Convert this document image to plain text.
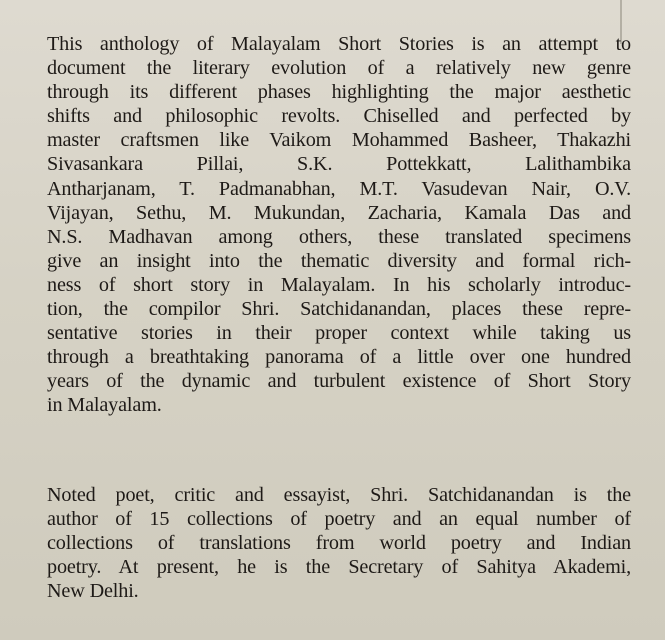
This anthology of Malayalam Short Stories is an attempt to
document the literary evolution of a relatively new genre
through its different phases highlighting the major aesthetic
shifts and philosophic revolts. Chiselled and perfected by
master craftsmen like Vaikom Mohammed Basheer, Thakazhi
Sivasankara Pillai, S.K. Pottekkatt, Lalithambika
Antharjanam, T. Padmanabhan, M.T. Vasudevan Nair, O.V.
Vijayan, Sethu, M. Mukundan, Zacharia, Kamala Das and
N.S. Madhavan among others, these translated specimens
give an insight into the thematic diversity and formal rich-
ness of short story in Malayalam. In his scholarly introduc-
tion, the compilor Shri. Satchidanandan, places these repre-
sentative stories in their proper context while taking us
through a breathtaking panorama of a little over one hundred
years of the dynamic and turbulent existence of Short Story
in Malayalam.

Noted poet, critic and essayist, Shri. Satchidanandan is the
author of 15 collections of poetry and an equal number of
collections of translations from world poetry and Indian
poetry. At present, he is the Secretary of Sahitya Akademi,
New Delhi.
